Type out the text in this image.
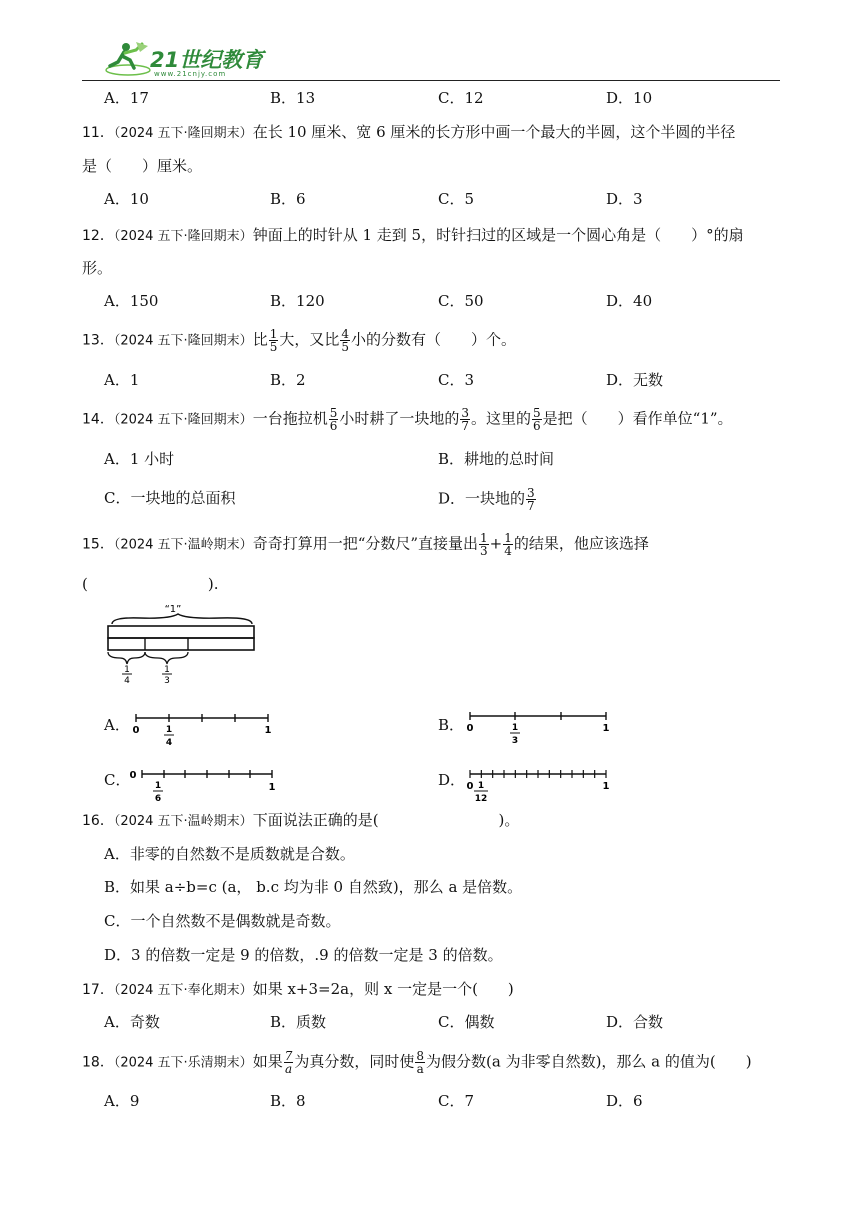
21世纪教育
www.21cnjy.com
A．17	B．13	C．12	D．10
11．（2024 五下·隆回期末）在长 10 厘米、宽 6 厘米的长方形中画一个最大的半圆，这个半圆的半径
是（　　）厘米。
A．10	B．6	C．5	D．3
12．（2024 五下·隆回期末）钟面上的时针从 1 走到 5，时针扫过的区域是一个圆心角是（　　）°的扇
形。
A．150	B．120	C．50	D．40
13．（2024 五下·隆回期末）比 $\frac{1}{5}$ 大，又比 $\frac{4}{5}$ 小的分数有（　　）个。
A．1	B．2	C．3	D．无数
14．（2024 五下·隆回期末）一台拖拉机 $\frac{5}{6}$ 小时耕了一块地的 $\frac{3}{7}$ 。这里的 $\frac{5}{6}$ 是把（　　）看作单位“1”。
A．1 小时	B．耕地的总时间
C．一块地的总面积	D．一块地的 $\frac{3}{7}$
15．（2024 五下·温岭期末）奇奇打算用一把“分数尺”直接量出 $\frac{1}{3} + \frac{1}{4}$ 的结果，他应该选择
(　　　　　　　　).
“1”
1
4
1
3
A． 0	1
1
4
B． 0	1
1
3
C． 0
1
1
6
D． 0	1
1
12
16．（2024 五下·温岭期末）下面说法正确的是(　　　　　　　　)。
A．非零的自然数不是质数就是合数。
B．如果 a÷b=c (a， b.c 均为非 0 自然致)，那么 a 是倍数。
C．一个自然数不是偶数就是奇数。
D．3 的倍数一定是 9 的倍数，.9 的倍数一定是 3 的倍数。
17．（2024 五下·奉化期末）如果 x+3=2a，则 x 一定是一个(　　)
A．奇数	B．质数	C．偶数	D．合数
18．（2024 五下·乐清期末）如果 $\frac{7}{a}$ 为真分数，同时使 $\frac{8}{a}$ 为假分数(a 为非零自然数)，那么 a 的值为(　　)
A．9	B．8	C．7	D．6
